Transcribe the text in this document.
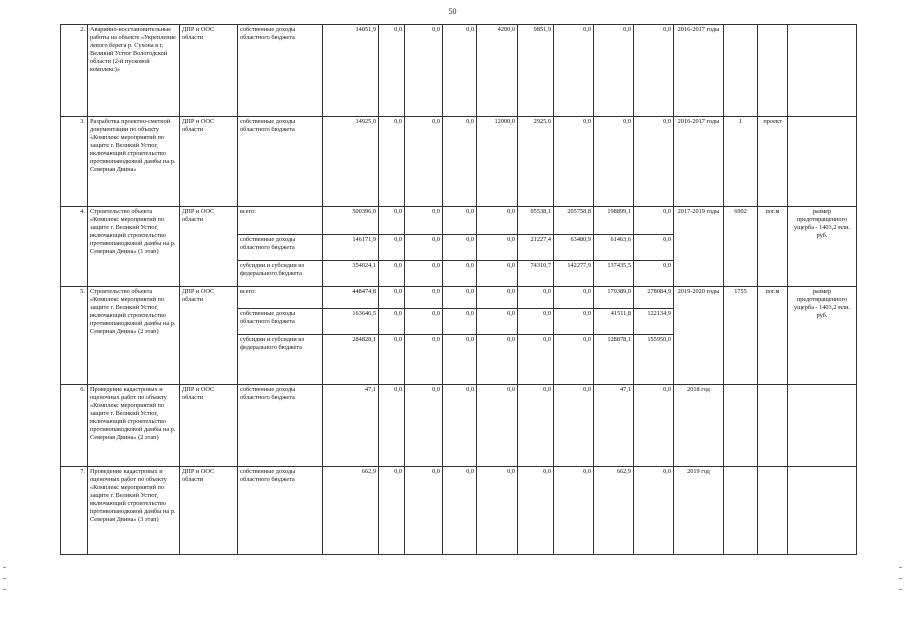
50
2.	Аварийно-восстановительные работы на объекте «Укрепление левого берега р. Сухона в г. Великий Устюг Вологодской области (2-й пусковой комплекс)»	ДПР и ООС области	собственные доходы областного бюджета	14051,9	0,0	0,0	0,0	4200,0	9851,9	0,0	0,0	0,0	2016-2017 годы			
3.	Разработка проектно-сметной документации по объекту «Комплекс мероприятий по защите г. Великий Устюг, включающий строительство противопаводковой дамбы на р. Северная Двина»	ДПР и ООС области	собственные доходы областного бюджета	14925,0	0,0	0,0	0,0	12000,0	2925,0	0,0	0,0	0,0	2016-2017 годы	1	проект	
4.	Строительство объекта «Комплекс мероприятий по защите г. Великий Устюг, включающий строительство противопаводковой дамбы на р. Северная Двина» (1 этап)	ДПР и ООС области	всего:	500396,0	0,0	0,0	0,0	0,0	95538,1	205758,8	198899,1	0,0	2017-2019 годы	6902	пог.м	размер предотвращенного ущерба - 1403,2 млн. руб.
			собственные доходы областного бюджета	146171,9	0,0	0,0	0,0	0,0	21227,4	63480,9	61463,6	0,0				
			субсидии и субсидии из федерального бюджета	354024,1	0,0	0,0	0,0	0,0	74310,7	142277,9	137435,5	0,0				
5.	Строительство объекта «Комплекс мероприятий по защите г. Великий Устюг, включающий строительство противопаводковой дамбы на р. Северная Двина» (2 этап)	ДПР и ООС области	всего:	448474,8	0,0	0,0	0,0	0,0	0,0	0,0	170389,0	278084,9	2019-2020 годы	1755	пог.м	размер предотвращенного ущерба - 1403,2 млн. руб.
			собственные доходы областного бюджета	163646,5	0,0	0,0	0,0	0,0	0,0	0,0	41511,8	122134,9				
			субсидии и субсидии из федерального бюджета	284828,1	0,0	0,0	0,0	0,0	0,0	0,0	128878,1	155950,0				
6.	Проведение кадастровых и оценочных работ по объекту «Комплекс мероприятий по защите г. Великий Устюг, включающий строительство противопаводковой дамбы на р. Северная Двина» (2 этап)	ДПР и ООС области	собственные доходы областного бюджета	47,1	0,0	0,0	0,0	0,0	0,0	0,0	47,1	0,0	2018 год			
7.	Проведение кадастровых и оценочных работ по объекту «Комплекс мероприятий по защите г. Великий Устюг, включающий строительство противопаводковой дамбы на р. Северная Двина» (3 этап)	ДПР и ООС области	собственные доходы областного бюджета	662,9	0,0	0,0	0,0	0,0	0,0	0,0	662,9	0,0	2019 год			
